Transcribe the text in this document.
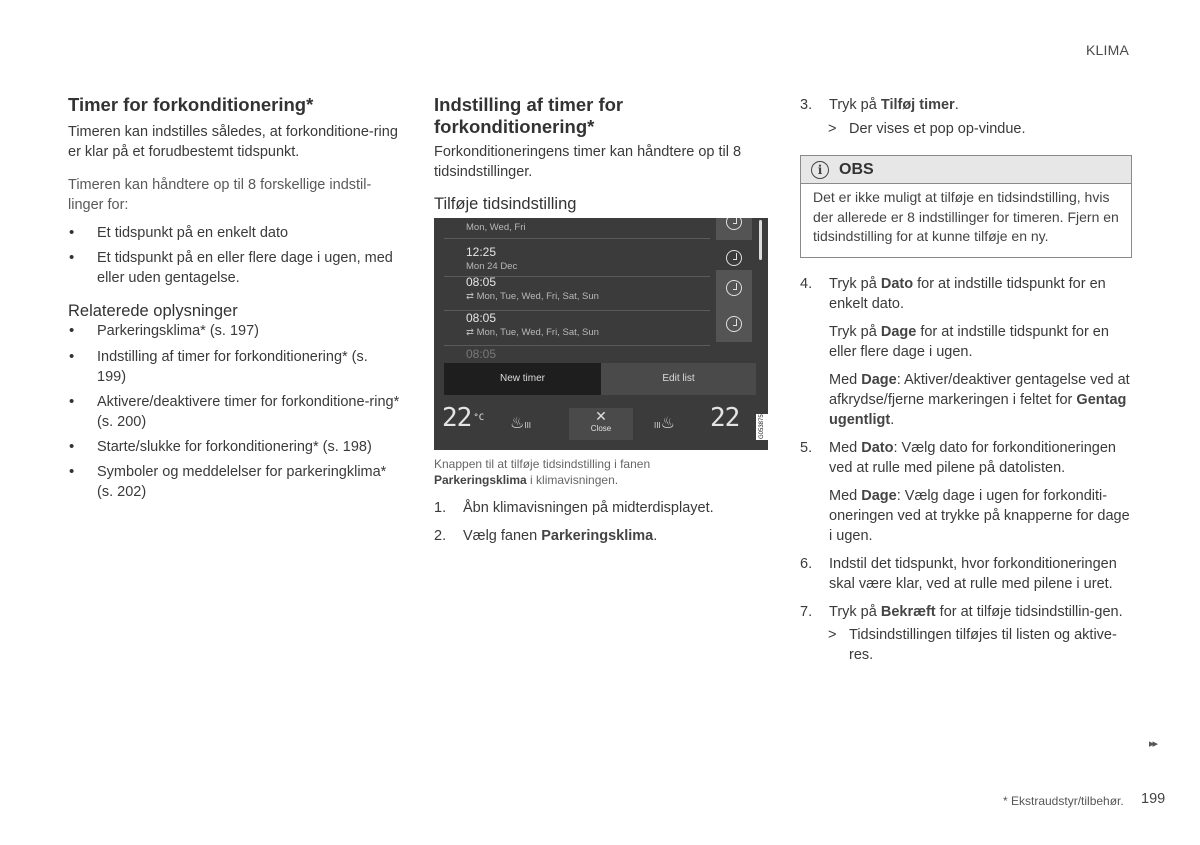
KLIMA
Timer for forkonditionering*

Timeren kan indstilles således, at forkonditione-ring er klar på et forudbestemt tidspunkt.

Timeren kan håndtere op til 8 forskellige indstil-linger for:

• Et tidspunkt på en enkelt dato
• Et tidspunkt på en eller flere dage i ugen, med eller uden gentagelse.
Relaterede oplysninger
• Parkeringsklima* (s. 197)
• Indstilling af timer for forkonditionering* (s. 199)
• Aktivere/deaktivere timer for forkonditione-ring* (s. 200)
• Starte/slukke for forkonditionering* (s. 198)
• Symboler og meddelelser for parkeringklima* (s. 202)
Indstilling af timer for forkonditionering*

Forkonditioneringens timer kan håndtere op til 8 tidsindstillinger.

Tilføje tidsindstilling
Mon, Wed, Fri
12:25
Mon 24 Dec
08:05
⇄ Mon, Tue, Wed, Fri, Sat, Sun
08:05
⇄ Mon, Tue, Wed, Fri, Sat, Sun
08:05
New timer	Edit list
22 $^{^\circ C}$ ♨III
✕
Close	III♨ 22	G053875

Knappen til at tilføje tidsindstilling i fanen
Parkeringsklima i klimavisningen.

1. Åbn klimavisningen på midterdisplayet.
2. Vælg fanen Parkeringsklima.
3. Tryk på Tilføj timer.

> Der vises et pop op-vindue.

i	OBS
Det er ikke muligt at tilføje en tidsindstilling, hvis der allerede er 8 indstillinger for timeren. Fjern en tidsindstilling for at kunne tilføje en ny.
4. Tryk på Dato for at indstille tidspunkt for en enkelt dato.

Tryk på Dage for at indstille tidspunkt for en eller flere dage i ugen.

Med Dage: Aktiver/deaktiver gentagelse ved at afkrydse/fjerne markeringen i feltet for Gentag ugentligt.

5. Med Dato: Vælg dato for forkonditioneringen ved at rulle med pilene på datolisten.

Med Dage: Vælg dage i ugen for forkonditi-oneringen ved at trykke på knapperne for dage i ugen.

6. Indstil det tidspunkt, hvor forkonditioneringen skal være klar, ved at rulle med pilene i uret.
7. Tryk på Bekræft for at tilføje tidsindstillin-gen.

> Tidsindstillingen tilføjes til listen og aktive-res.

▸▸
* Ekstraudstyr/tilbehør. 199
